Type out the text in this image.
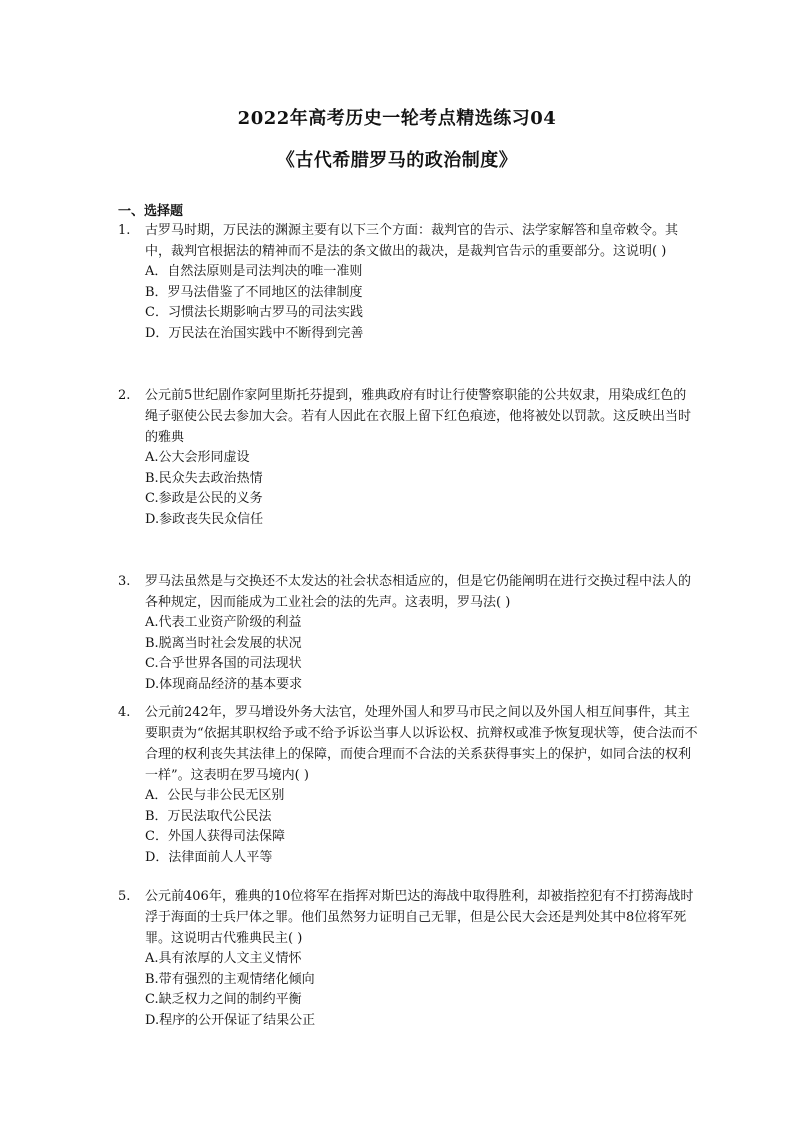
2022年高考历史一轮考点精选练习04
《古代希腊罗马的政治制度》
一、选择题

1. 古罗马时期，万民法的渊源主要有以下三个方面：裁判官的告示、法学家解答和皇帝敕令。其中，裁判官根据法的精神而不是法的条文做出的裁决，是裁判官告示的重要部分。这说明( )

A．自然法原则是司法判决的唯一准则
B．罗马法借鉴了不同地区的法律制度
C．习惯法长期影响古罗马的司法实践
D．万民法在治国实践中不断得到完善

2. 公元前5世纪剧作家阿里斯托芬提到，雅典政府有时让行使警察职能的公共奴隶，用染成红色的绳子驱使公民去参加大会。若有人因此在衣服上留下红色痕迹，他将被处以罚款。这反映出当时的雅典

A.公大会形同虚设
B.民众失去政治热情
C.参政是公民的义务
D.参政丧失民众信任

3. 罗马法虽然是与交换还不太发达的社会状态相适应的，但是它仍能阐明在进行交换过程中法人的各种规定，因而能成为工业社会的法的先声。这表明，罗马法( )

A.代表工业资产阶级的利益
B.脱离当时社会发展的状况
C.合乎世界各国的司法现状
D.体现商品经济的基本要求

4. 公元前242年，罗马增设外务大法官，处理外国人和罗马市民之间以及外国人相互间事件，其主要职责为“依据其职权给予或不给予诉讼当事人以诉讼权、抗辩权或准予恢复现状等，使合法而不合理的权利丧失其法律上的保障，而使合理而不合法的关系获得事实上的保护，如同合法的权利一样”。这表明在罗马境内( )

A．公民与非公民无区别
B．万民法取代公民法
C．外国人获得司法保障
D．法律面前人人平等

5. 公元前406年，雅典的10位将军在指挥对斯巴达的海战中取得胜利，却被指控犯有不打捞海战时浮于海面的士兵尸体之罪。他们虽然努力证明自己无罪，但是公民大会还是判处其中8位将军死罪。这说明古代雅典民主( )

A.具有浓厚的人文主义情怀
B.带有强烈的主观情绪化倾向
C.缺乏权力之间的制约平衡
D.程序的公开保证了结果公正
